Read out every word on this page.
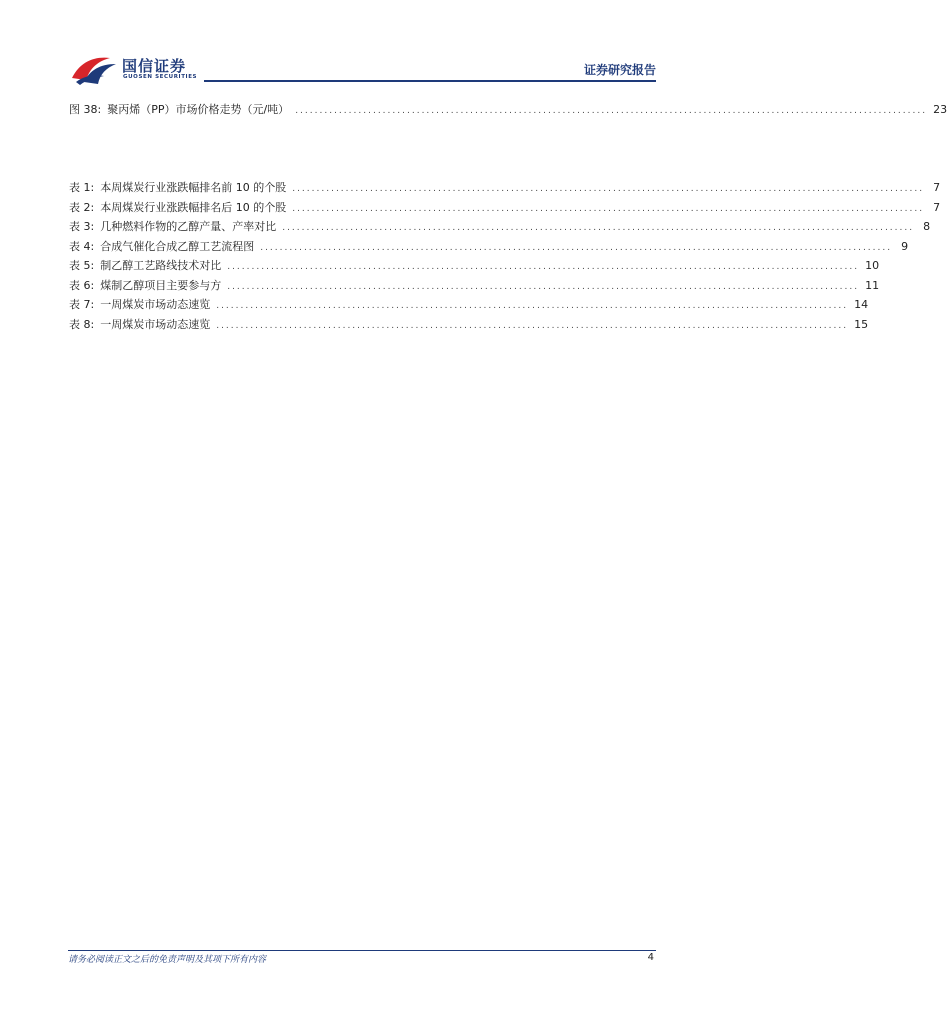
国信证券
GUOSEN SECURITIES	证券研究报告
图 38: 聚丙烯（PP）市场价格走势（元/吨） .................................................................................................................................. 23
表 1: 本周煤炭行业涨跌幅排名前 10 的个股 .................................................................................................................................. 7
表 2: 本周煤炭行业涨跌幅排名后 10 的个股 .................................................................................................................................. 7
表 3: 几种燃料作物的乙醇产量、产率对比 .................................................................................................................................. 8
表 4: 合成气催化合成乙醇工艺流程图 .................................................................................................................................. 9
表 5: 制乙醇工艺路线技术对比 .................................................................................................................................. 10
表 6: 煤制乙醇项目主要参与方 .................................................................................................................................. 11
表 7: 一周煤炭市场动态速览 .................................................................................................................................. 14
表 8: 一周煤炭市场动态速览 .................................................................................................................................. 15
请务必阅读正文之后的免责声明及其项下所有内容	4
